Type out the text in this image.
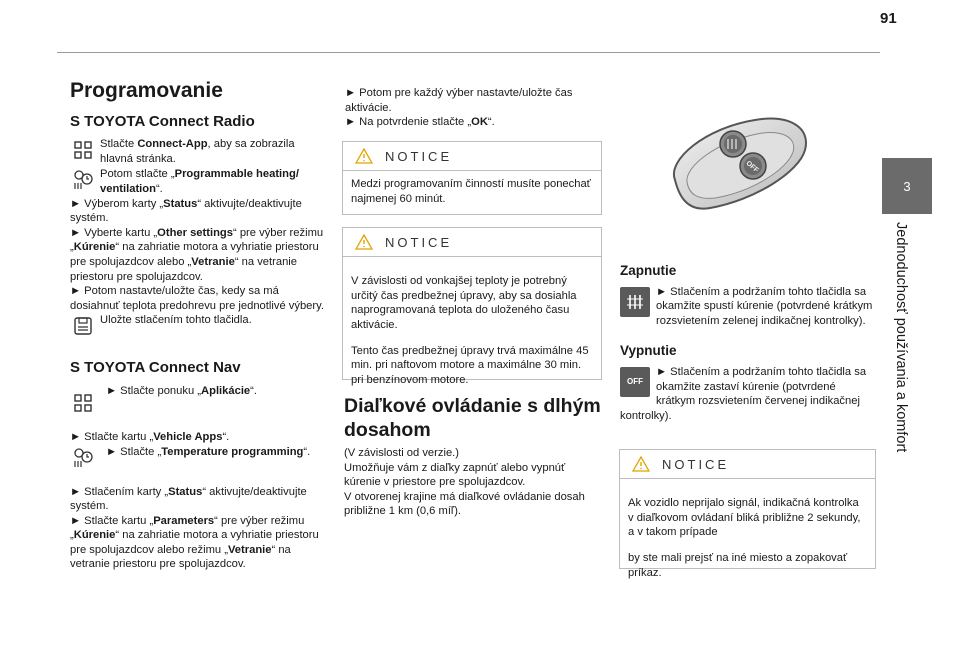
91
3
Jednoduchosť používania a komfort
Programovanie
S TOYOTA Connect Radio

Stlačte Connect-App, aby sa zobrazila hlavná stránka.

Potom stlačte „Programmable heating/ ventilation“.

► Výberom karty „Status“ aktivujte/deaktivujte systém.

► Vyberte kartu „Other settings“ pre výber režimu „Kúrenie“ na zahriatie motora a vyhriatie priestoru pre spolujazdcov alebo „Vetranie“ na vetranie priestoru pre spolujazdcov.

► Potom nastavte/uložte čas, kedy sa má dosiahnuť teplota predohrevu pre jednotlivé výbery.

Uložte stlačením tohto tlačidla.

S TOYOTA Connect Nav

► Stlačte ponuku „Aplikácie“.

► Stlačte kartu „Vehicle Apps“.

► Stlačte „Temperature programming“.

► Stlačením karty „Status“ aktivujte/deaktivujte systém.

► Stlačte kartu „Parameters“ pre výber režimu „Kúrenie“ na zahriatie motora a vyhriatie priestoru pre spolujazdcov alebo režimu „Vetranie“ na vetranie priestoru pre spolujazdcov.

► Potom pre každý výber nastavte/uložte čas aktivácie.

► Na potvrdenie stlačte „OK“.

NOTICE
Medzi programovaním činností musíte ponechať najmenej 60 minút.
NOTICE

V závislosti od vonkajšej teploty je potrebný určitý čas predbežnej úpravy, aby sa dosiahla naprogramovaná teplota do uloženého času aktivácie.

Tento čas predbežnej úpravy trvá maximálne 45 min. pri naftovom motore a maximálne 30 min. pri benzínovom motore.

Diaľkové ovládanie s dlhým dosahom

(V závislosti od verzie.)

Umožňuje vám z diaľky zapnúť alebo vypnúť kúrenie v priestore pre spolujazdcov.

V otvorenej krajine má diaľkové ovládanie dosah približne 1 km (0,6 míľ).

OFF
Zapnutie

► Stlačením a podržaním tohto tlačidla sa okamžite spustí kúrenie (potvrdené krátkym rozsvietením zelenej indikačnej kontrolky).

Vypnutie
OFF

► Stlačením a podržaním tohto tlačidla sa okamžite zastaví kúrenie (potvrdené krátkym rozsvietením červenej indikačnej kontrolky).

NOTICE

Ak vozidlo neprijalo signál, indikačná kontrolka v diaľkovom ovládaní bliká približne 2 sekundy, a v takom prípade

by ste mali prejsť na iné miesto a zopakovať príkaz.
